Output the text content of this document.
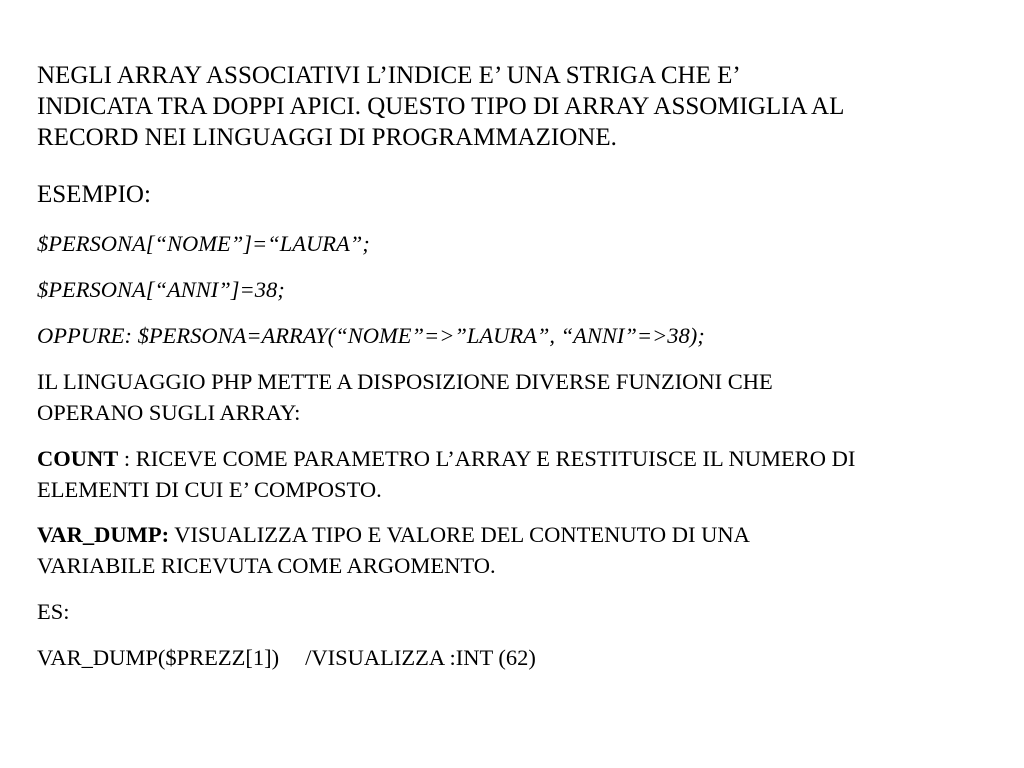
NEGLI ARRAY ASSOCIATIVI L’INDICE E’ UNA STRIGA CHE E’
INDICATA TRA DOPPI APICI. QUESTO TIPO DI ARRAY ASSOMIGLIA AL
RECORD NEI LINGUAGGI DI PROGRAMMAZIONE.

ESEMPIO:

$PERSONA[“NOME”]=“LAURA”;

$PERSONA[“ANNI”]=38;

OPPURE: $PERSONA=ARRAY(“NOME”=>”LAURA”, “ANNI”=>38);

IL LINGUAGGIO PHP METTE A DISPOSIZIONE DIVERSE FUNZIONI CHE
OPERANO SUGLI ARRAY:

COUNT : RICEVE COME PARAMETRO L’ARRAY E RESTITUISCE IL NUMERO DI
ELEMENTI DI CUI E’ COMPOSTO.

VAR_DUMP: VISUALIZZA TIPO E VALORE DEL CONTENUTO DI UNA
VARIABILE RICEVUTA COME ARGOMENTO.

ES:

VAR_DUMP($PREZZ[1]) /VISUALIZZA :INT (62)
